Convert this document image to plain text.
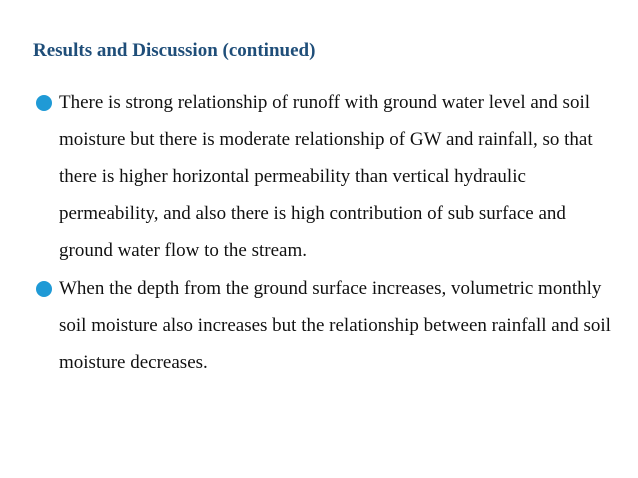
Results and Discussion (continued)
There is strong relationship of runoff with ground water level and soil moisture but there is moderate relationship of GW and rainfall, so that there is higher horizontal permeability than vertical hydraulic permeability, and also there is high contribution of sub surface and ground water flow to the stream.
When the depth from the ground surface increases, volumetric monthly soil moisture also increases but the relationship between rainfall and soil moisture decreases.
